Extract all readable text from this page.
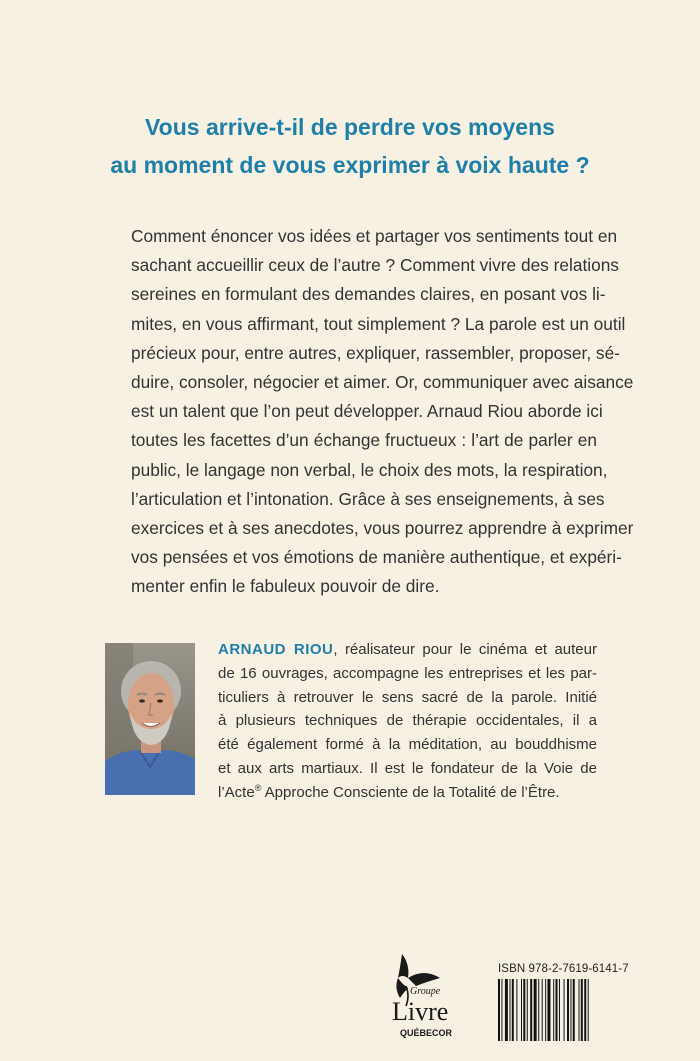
Vous arrive-t-il de perdre vos moyens
au moment de vous exprimer à voix haute ?
Comment énoncer vos idées et partager vos sentiments tout en
sachant accueillir ceux de l’autre ? Comment vivre des relations
sereines en formulant des demandes claires, en posant vos li-
mites, en vous affirmant, tout simplement ? La parole est un outil
précieux pour, entre autres, expliquer, rassembler, proposer, sé-
duire, consoler, négocier et aimer. Or, communiquer avec aisance
est un talent que l’on peut développer. Arnaud Riou aborde ici
toutes les facettes d’un échange fructueux : l’art de parler en
public, le langage non verbal, le choix des mots, la respiration,
l’articulation et l’intonation. Grâce à ses enseignements, à ses
exercices et à ses anecdotes, vous pourrez apprendre à exprimer
vos pensées et vos émotions de manière authentique, et expéri-
menter enfin le fabuleux pouvoir de dire.
ARNAUD RIOU, réalisateur pour le cinéma et auteur
de 16 ouvrages, accompagne les entreprises et les par-
ticuliers à retrouver le sens sacré de la parole. Initié
à plusieurs techniques de thérapie occidentales, il a
été également formé à la méditation, au bouddhisme
et aux arts martiaux. Il est le fondateur de la Voie de
l’Acte® Approche Consciente de la Totalité de l’Être.
Groupe
Livre
QUÉBECOR
ISBN 978-2-7619-6141-7
